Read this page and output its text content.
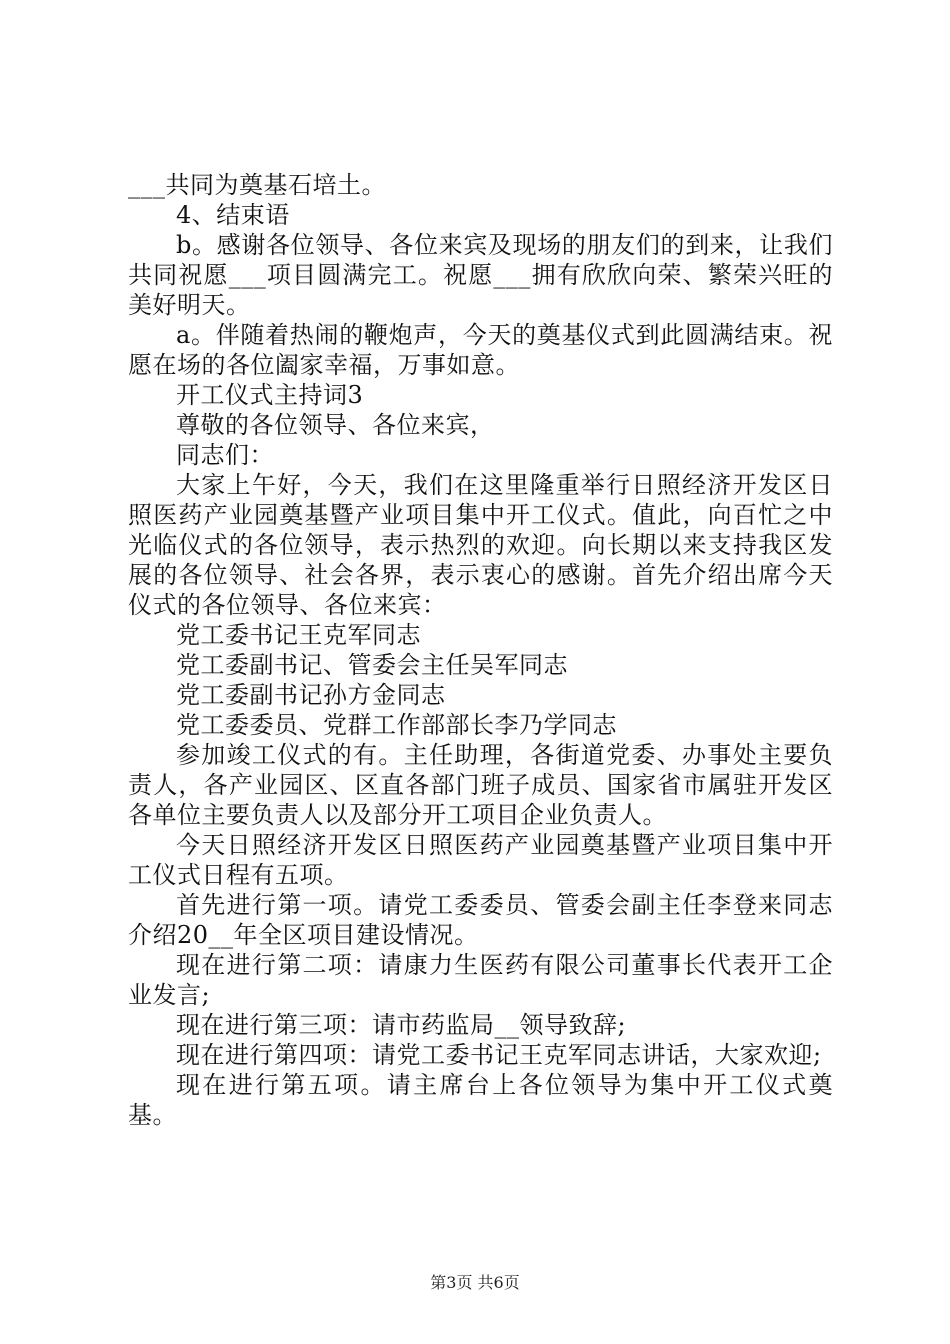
___共同为奠基石培土。

4、结束语

b。感谢各位领导、各位来宾及现场的朋友们的到来，让我们共同祝愿___项目圆满完工。祝愿___拥有欣欣向荣、繁荣兴旺的美好明天。

a。伴随着热闹的鞭炮声，今天的奠基仪式到此圆满结束。祝愿在场的各位阖家幸福，万事如意。

开工仪式主持词3

尊敬的各位领导、各位来宾，

同志们：

大家上午好，今天，我们在这里隆重举行日照经济开发区日照医药产业园奠基暨产业项目集中开工仪式。值此，向百忙之中光临仪式的各位领导，表示热烈的欢迎。向长期以来支持我区发展的各位领导、社会各界，表示衷心的感谢。首先介绍出席今天仪式的各位领导、各位来宾：

党工委书记王克军同志

党工委副书记、管委会主任吴军同志

党工委副书记孙方金同志

党工委委员、党群工作部部长李乃学同志

参加竣工仪式的有。主任助理，各街道党委、办事处主要负责人，各产业园区、区直各部门班子成员、国家省市属驻开发区各单位主要负责人以及部分开工项目企业负责人。

今天日照经济开发区日照医药产业园奠基暨产业项目集中开工仪式日程有五项。

首先进行第一项。请党工委委员、管委会副主任李登来同志介绍20__年全区项目建设情况。

现在进行第二项：请康力生医药有限公司董事长代表开工企业发言;

现在进行第三项：请市药监局__领导致辞;

现在进行第四项：请党工委书记王克军同志讲话，大家欢迎;

现在进行第五项。请主席台上各位领导为集中开工仪式奠基。

第3页 共6页
